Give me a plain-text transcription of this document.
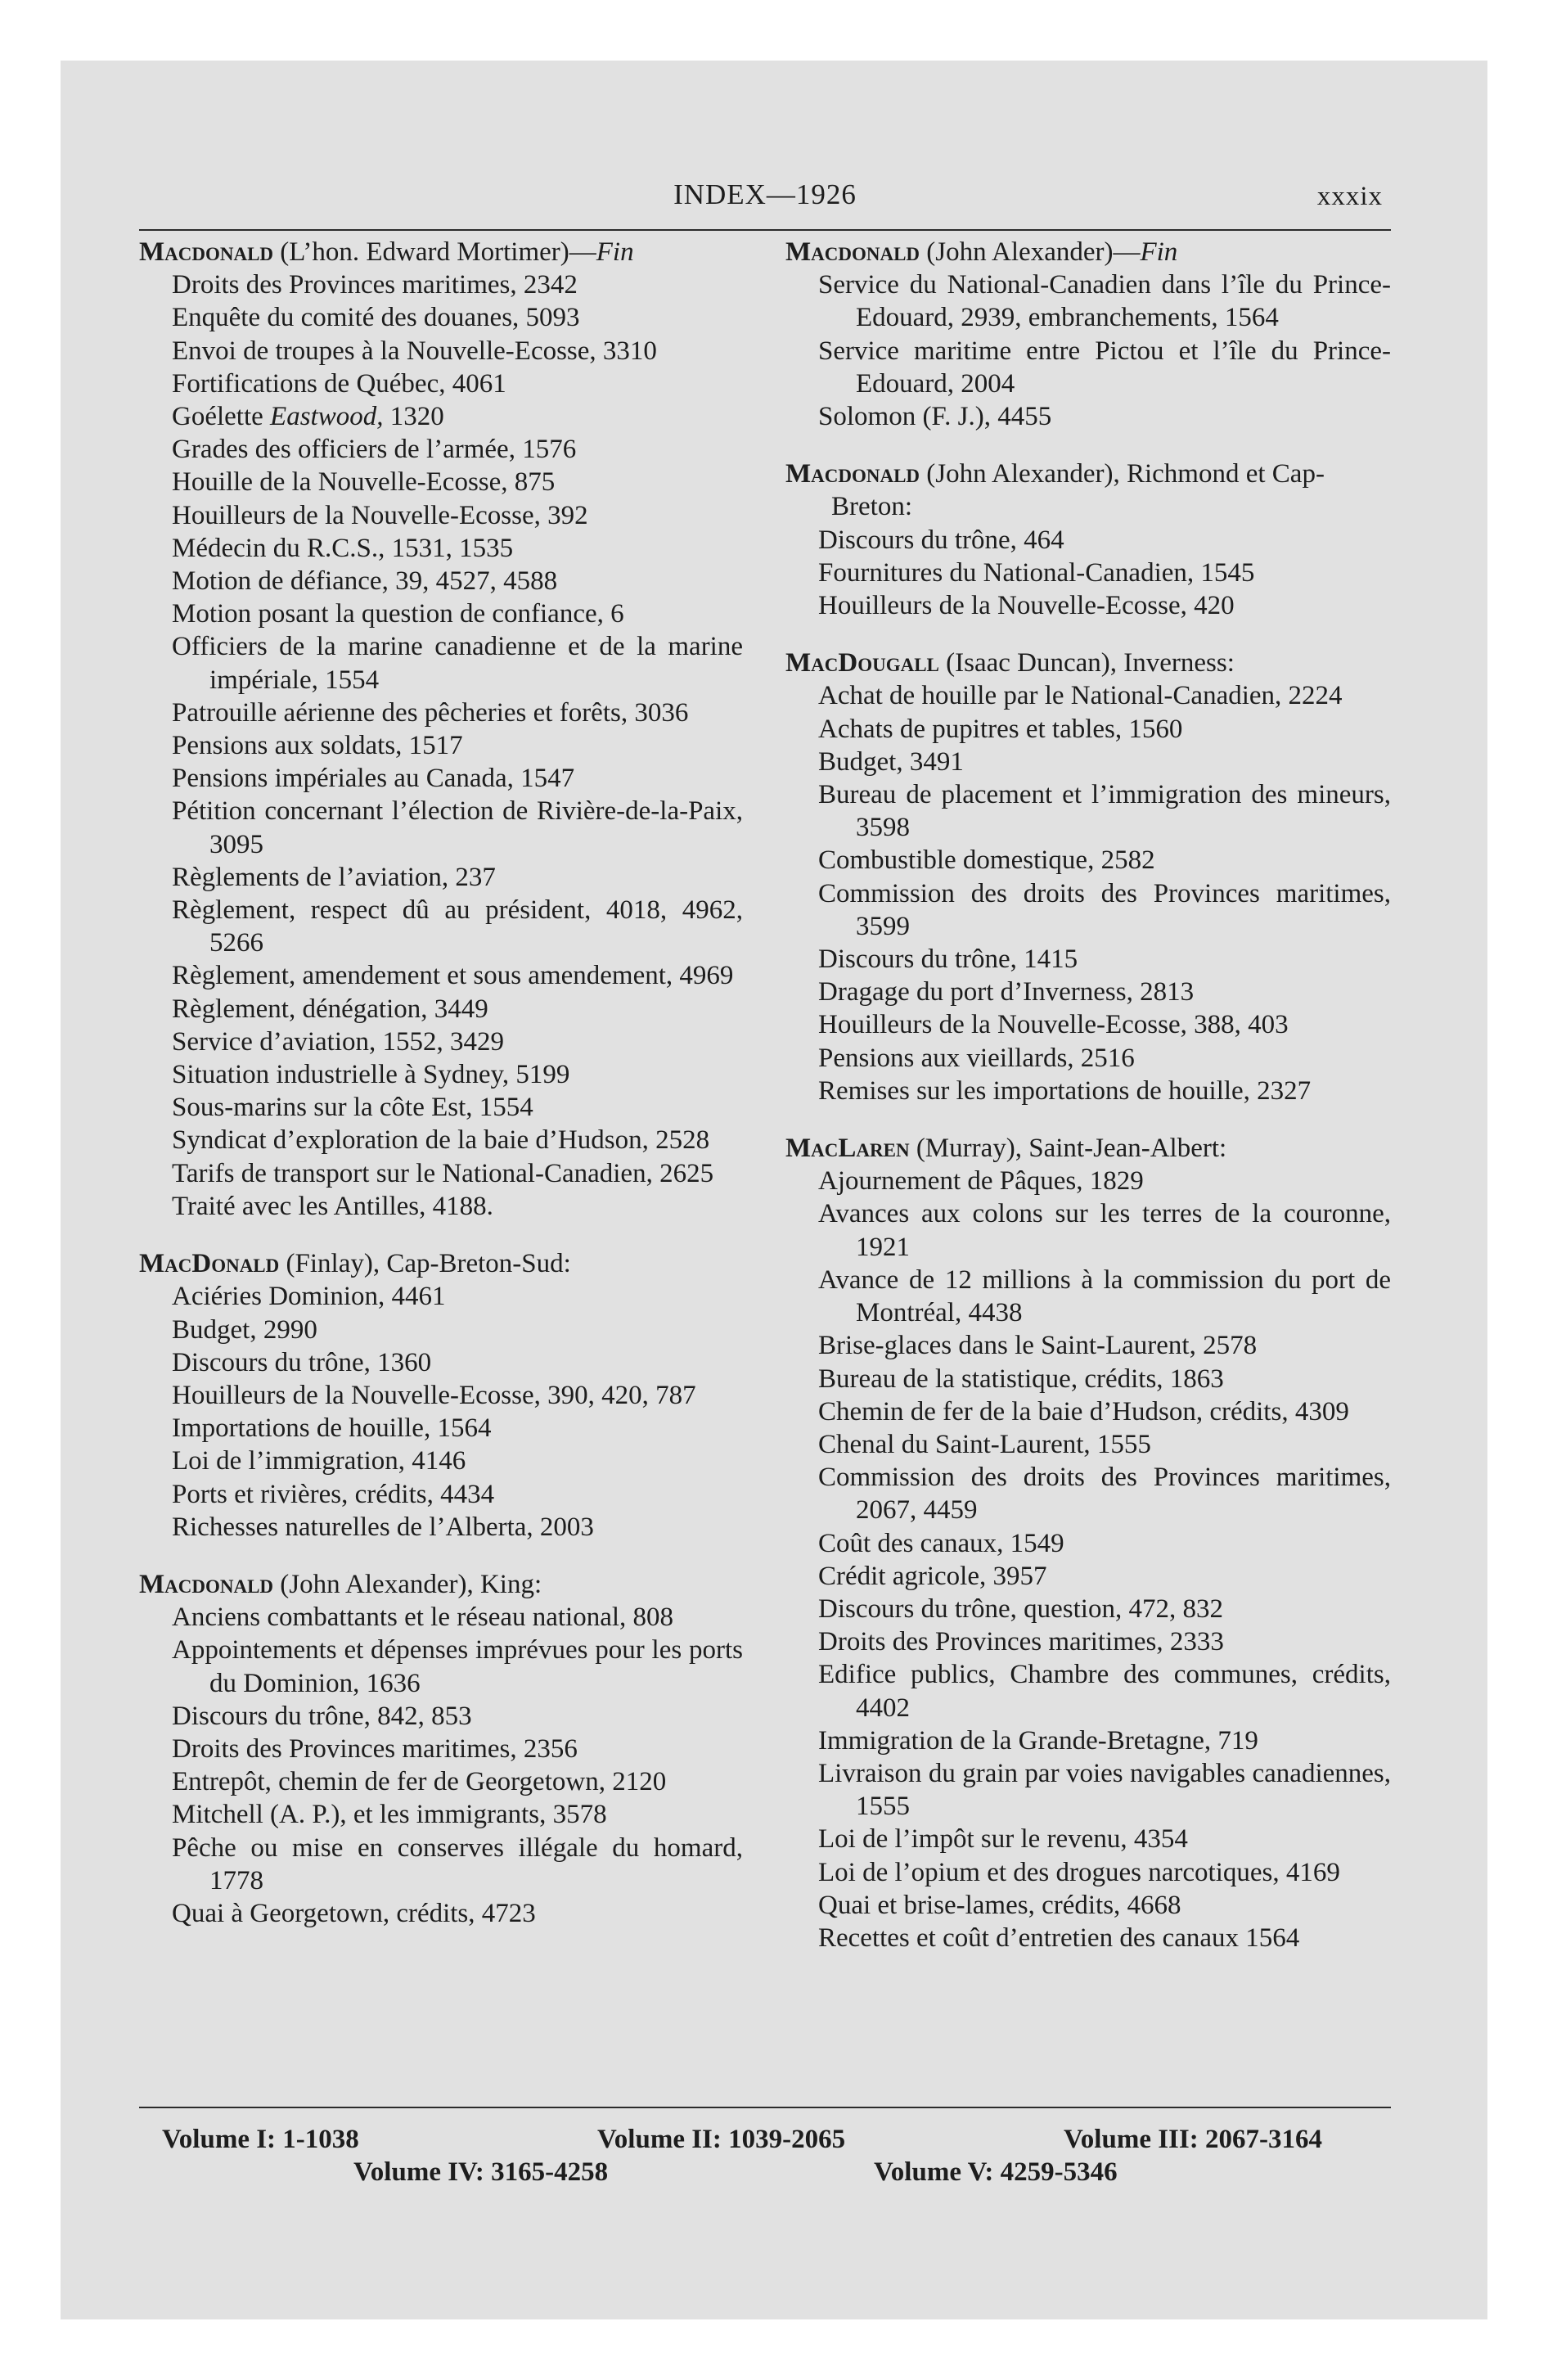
INDEX—1926	xxxix
Macdonald (L’hon. Edward Mortimer)—Fin
Droits des Provinces maritimes, 2342
Enquête du comité des douanes, 5093
Envoi de troupes à la Nouvelle-Ecosse, 3310
Fortifications de Québec, 4061
Goélette Eastwood, 1320
Grades des officiers de l’armée, 1576
Houille de la Nouvelle-Ecosse, 875
Houilleurs de la Nouvelle-Ecosse, 392
Médecin du R.C.S., 1531, 1535
Motion de défiance, 39, 4527, 4588
Motion posant la question de confiance, 6
Officiers de la marine canadienne et de la marine impériale, 1554
Patrouille aérienne des pêcheries et forêts, 3036
Pensions aux soldats, 1517
Pensions impériales au Canada, 1547
Pétition concernant l’élection de Rivière-de-la-Paix, 3095
Règlements de l’aviation, 237
Règlement, respect dû au président, 4018, 4962, 5266
Règlement, amendement et sous amendement, 4969
Règlement, dénégation, 3449
Service d’aviation, 1552, 3429
Situation industrielle à Sydney, 5199
Sous-marins sur la côte Est, 1554
Syndicat d’exploration de la baie d’Hudson, 2528
Tarifs de transport sur le National-Canadien, 2625
Traité avec les Antilles, 4188.
MacDonald (Finlay), Cap-Breton-Sud:
Aciéries Dominion, 4461
Budget, 2990
Discours du trône, 1360
Houilleurs de la Nouvelle-Ecosse, 390, 420, 787
Importations de houille, 1564
Loi de l’immigration, 4146
Ports et rivières, crédits, 4434
Richesses naturelles de l’Alberta, 2003
Macdonald (John Alexander), King:
Anciens combattants et le réseau national, 808
Appointements et dépenses imprévues pour les ports du Dominion, 1636
Discours du trône, 842, 853
Droits des Provinces maritimes, 2356
Entrepôt, chemin de fer de Georgetown, 2120
Mitchell (A. P.), et les immigrants, 3578
Pêche ou mise en conserves illégale du homard, 1778
Quai à Georgetown, crédits, 4723
Macdonald (John Alexander)—Fin
Service du National-Canadien dans l’île du Prince-Edouard, 2939, embranchements, 1564
Service maritime entre Pictou et l’île du Prince-Edouard, 2004
Solomon (F. J.), 4455
Macdonald (John Alexander), Richmond et Cap-Breton:
Discours du trône, 464
Fournitures du National-Canadien, 1545
Houilleurs de la Nouvelle-Ecosse, 420
MacDougall (Isaac Duncan), Inverness:
Achat de houille par le National-Canadien, 2224
Achats de pupitres et tables, 1560
Budget, 3491
Bureau de placement et l’immigration des mineurs, 3598
Combustible domestique, 2582
Commission des droits des Provinces maritimes, 3599
Discours du trône, 1415
Dragage du port d’Inverness, 2813
Houilleurs de la Nouvelle-Ecosse, 388, 403
Pensions aux vieillards, 2516
Remises sur les importations de houille, 2327
MacLaren (Murray), Saint-Jean-Albert:
Ajournement de Pâques, 1829
Avances aux colons sur les terres de la couronne, 1921
Avance de 12 millions à la commission du port de Montréal, 4438
Brise-glaces dans le Saint-Laurent, 2578
Bureau de la statistique, crédits, 1863
Chemin de fer de la baie d’Hudson, crédits, 4309
Chenal du Saint-Laurent, 1555
Commission des droits des Provinces maritimes, 2067, 4459
Coût des canaux, 1549
Crédit agricole, 3957
Discours du trône, question, 472, 832
Droits des Provinces maritimes, 2333
Edifice publics, Chambre des communes, crédits, 4402
Immigration de la Grande-Bretagne, 719
Livraison du grain par voies navigables canadiennes, 1555
Loi de l’impôt sur le revenu, 4354
Loi de l’opium et des drogues narcotiques, 4169
Quai et brise-lames, crédits, 4668
Recettes et coût d’entretien des canaux 1564
Volume I: 1-1038	Volume II: 1039-2065	Volume III: 2067-3164
Volume IV: 3165-4258	Volume V: 4259-5346
